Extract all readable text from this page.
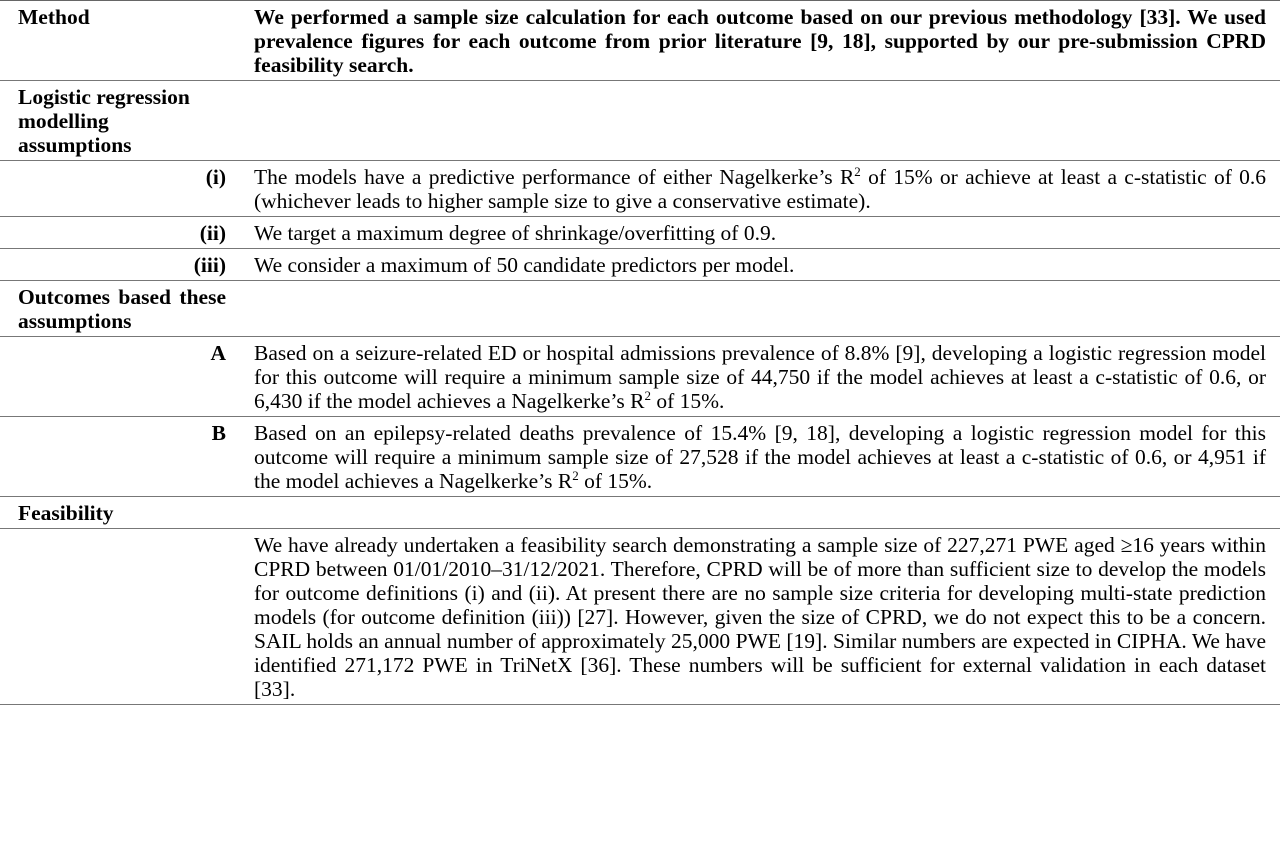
Method	We performed a sample size calculation for each outcome based on our previous methodology [33]. We used prevalence figures for each outcome from prior literature [9, 18], supported by our pre-submission CPRD feasibility search.
Logistic regression modelling assumptions
(i)	The models have a predictive performance of either Nagelkerke’s $R^2$ of 15% or achieve at least a c-statistic of 0.6 (whichever leads to higher sample size to give a conservative estimate).
(ii)	We target a maximum degree of shrinkage/overfitting of 0.9.
(iii)	We consider a maximum of 50 candidate predictors per model.
Outcomes based these assumptions
A	Based on a seizure-related ED or hospital admissions prevalence of 8.8% [9], developing a logistic regression model for this outcome will require a minimum sample size of 44,750 if the model achieves at least a c-statistic of 0.6, or 6,430 if the model achieves a Nagelkerke’s $R^2$ of 15%.
B	Based on an epilepsy-related deaths prevalence of 15.4% [9, 18], developing a logistic regression model for this outcome will require a minimum sample size of 27,528 if the model achieves at least a c-statistic of 0.6, or 4,951 if the model achieves a Nagelkerke’s $R^2$ of 15%.
Feasibility
We have already undertaken a feasibility search demonstrating a sample size of 227,271 PWE aged ≥16 years within CPRD between 01/01/2010–31/12/2021. Therefore, CPRD will be of more than sufficient size to develop the models for outcome definitions (i) and (ii). At present there are no sample size criteria for developing multi-state prediction models (for outcome definition (iii)) [27]. However, given the size of CPRD, we do not expect this to be a concern. SAIL holds an annual number of approximately 25,000 PWE [19]. Similar numbers are expected in CIPHA. We have identified 271,172 PWE in TriNetX [36]. These numbers will be sufficient for external validation in each dataset [33].
